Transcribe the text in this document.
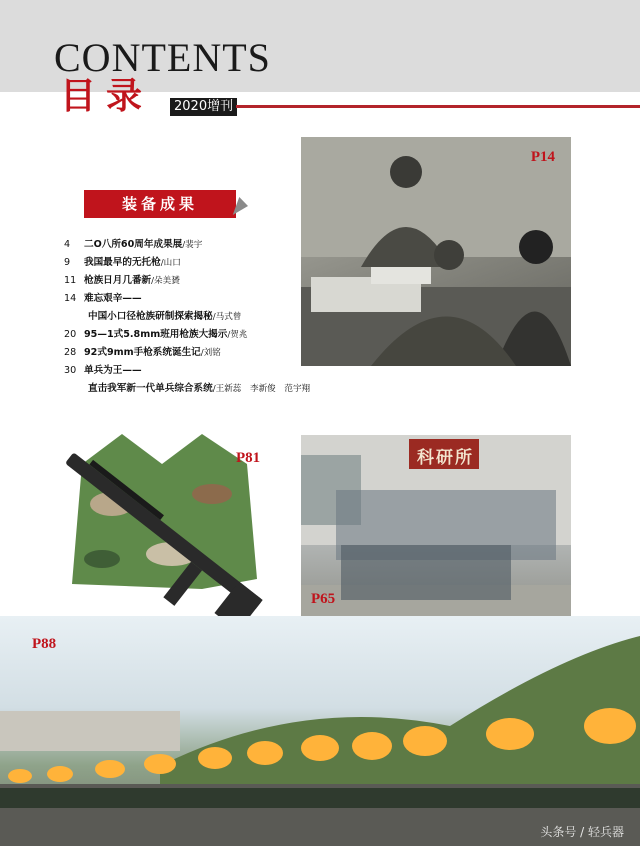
CONTENTS
目录	2020增刊
装备成果
4	二O八所60周年成果展/裴宇
9	我国最早的无托枪/山口
11 枪族日月几番新/朵美贇
14 难忘艰辛——
中国小口径枪族研制探索揭秘/马式曾
20 95—1式5.8mm班用枪族大揭示/贺兆
28 92式9mm手枪系统诞生记/刘铭
30 单兵为王——
直击我军新一代单兵综合系统/王新蕊　李新俊　范宇翔
P14
P81	科研所
P65
P88
头条号 / 轻兵器
